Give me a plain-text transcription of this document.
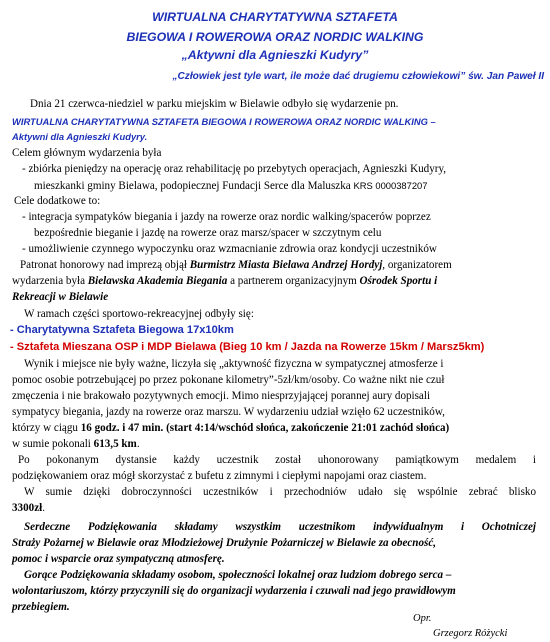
WIRTUALNA CHARYTATYWNA SZTAFETA
BIEGOWA I ROWEROWA ORAZ NORDIC WALKING
„Aktywni dla Agnieszki Kudyry”
„Człowiek jest tyle wart, ile może dać drugiemu człowiekowi” św. Jan Paweł II
Dnia 21 czerwca-niedziel w parku miejskim w Bielawie odbyło się wydarzenie pn.
WIRTUALNA CHARYTATYWNA SZTAFETA BIEGOWA I ROWEROWA ORAZ NORDIC WALKING –
Aktywni dla Agnieszki Kudyry.
Celem głównym wydarzenia była
- zbiórka pieniędzy na operację oraz rehabilitację po przebytych operacjach, Agnieszki Kudyry,
mieszkanki gminy Bielawa, podopiecznej Fundacji Serce dla Maluszka KRS 0000387207
Cele dodatkowe to:
- integracja sympatyków biegania i jazdy na rowerze oraz nordic walking/spacerów poprzez
bezpośrednie bieganie i jazdę na rowerze oraz marsz/spacer w szczytnym celu
- umożliwienie czynnego wypoczynku oraz wzmacnianie zdrowia oraz kondycji uczestników
Patronat honorowy nad imprezą objął Burmistrz Miasta Bielawa Andrzej Hordyj, organizatorem
wydarzenia była Bielawska Akademia Biegania a partnerem organizacyjnym Ośrodek Sportu i
Rekreacji w Bielawie
W ramach części sportowo-rekreacyjnej odbyły się:
- Charytatywna Sztafeta Biegowa 17x10km
- Sztafeta Mieszana OSP i MDP Bielawa (Bieg 10 km / Jazda na Rowerze 15km / Marsz5km)
Wynik i miejsce nie były ważne, liczyła się „aktywność fizyczna w sympatycznej atmosferze i
pomoc osobie potrzebującej po przez pokonane kilometry”-5zł/km/osoby. Co ważne nikt nie czuł
zmęczenia i nie brakowało pozytywnych emocji. Mimo niesprzyjającej porannej aury dopisali
sympatycy biegania, jazdy na rowerze oraz marszu. W wydarzeniu udział wzięło 62 uczestników,
którzy w ciągu 16 godz. i 47 min. (start 4:14/wschód słońca, zakończenie 21:01 zachód słońca)
w sumie pokonali 613,5 km.
Po pokonanym dystansie każdy uczestnik został uhonorowany pamiątkowym medalem i
podziękowaniem oraz mógł skorzystać z bufetu z zimnymi i ciepłymi napojami oraz ciastem.
W sumie dzięki dobroczynności uczestników i przechodniów udało się wspólnie zebrać blisko
3300zł.
Serdeczne Podziękowania składamy wszystkim uczestnikom indywidualnym i Ochotniczej
Straży Pożarnej w Bielawie oraz Młodzieżowej Drużynie Pożarniczej w Bielawie za obecność,
pomoc i wsparcie oraz sympatyczną atmosferę.
Gorące Podziękowania składamy osobom, społeczności lokalnej oraz ludziom dobrego serca –
wolontariuszom, którzy przyczynili się do organizacji wydarzenia i czuwali nad jego prawidłowym
przebiegiem.
Opr.
Grzegorz Różycki
